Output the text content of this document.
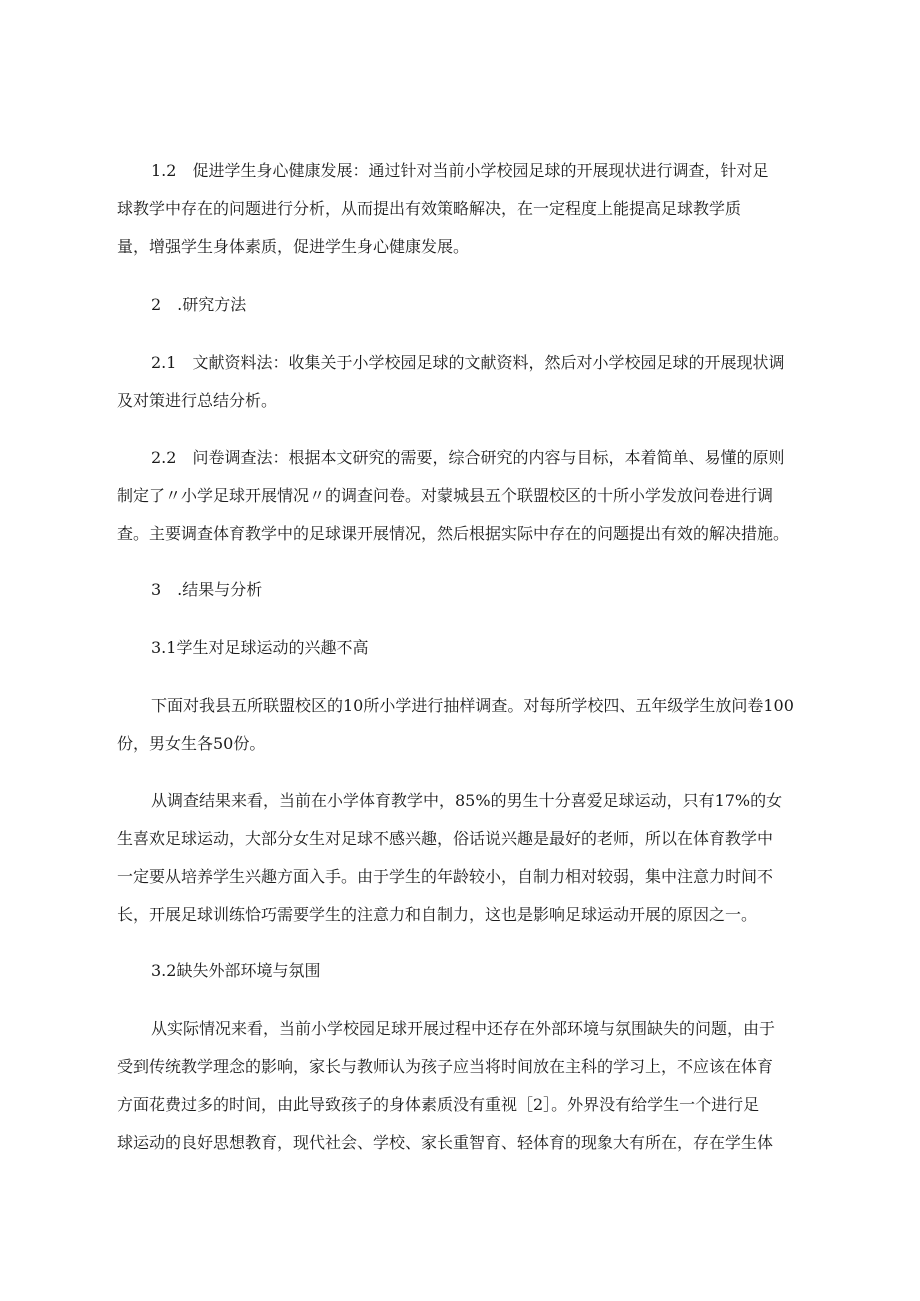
1.2　促进学生身心健康发展：通过针对当前小学校园足球的开展现状进行调查，针对足
球教学中存在的问题进行分析，从而提出有效策略解决，在一定程度上能提高足球教学质
量，增强学生身体素质，促进学生身心健康发展。
2　.研究方法
2.1　文献资料法：收集关于小学校园足球的文献资料，然后对小学校园足球的开展现状调
及对策进行总结分析。
2.2　问卷调查法：根据本文研究的需要，综合研究的内容与目标，本着简单、易懂的原则
制定了〃小学足球开展情况〃的调查问卷。对蒙城县五个联盟校区的十所小学发放问卷进行调
查。主要调查体育教学中的足球课开展情况，然后根据实际中存在的问题提出有效的解决措施。
3　.结果与分析
3.1学生对足球运动的兴趣不高
下面对我县五所联盟校区的10所小学进行抽样调查。对每所学校四、五年级学生放问卷100
份，男女生各50份。
从调查结果来看，当前在小学体育教学中，85%的男生十分喜爱足球运动，只有17%的女
生喜欢足球运动，大部分女生对足球不感兴趣，俗话说兴趣是最好的老师，所以在体育教学中
一定要从培养学生兴趣方面入手。由于学生的年龄较小，自制力相对较弱，集中注意力时间不
长，开展足球训练恰巧需要学生的注意力和自制力，这也是影响足球运动开展的原因之一。
3.2缺失外部环境与氛围
从实际情况来看，当前小学校园足球开展过程中还存在外部环境与氛围缺失的问题，由于
受到传统教学理念的影响，家长与教师认为孩子应当将时间放在主科的学习上，不应该在体育
方面花费过多的时间，由此导致孩子的身体素质没有重视［2］。外界没有给学生一个进行足
球运动的良好思想教育，现代社会、学校、家长重智育、轻体育的现象大有所在，存在学生体
